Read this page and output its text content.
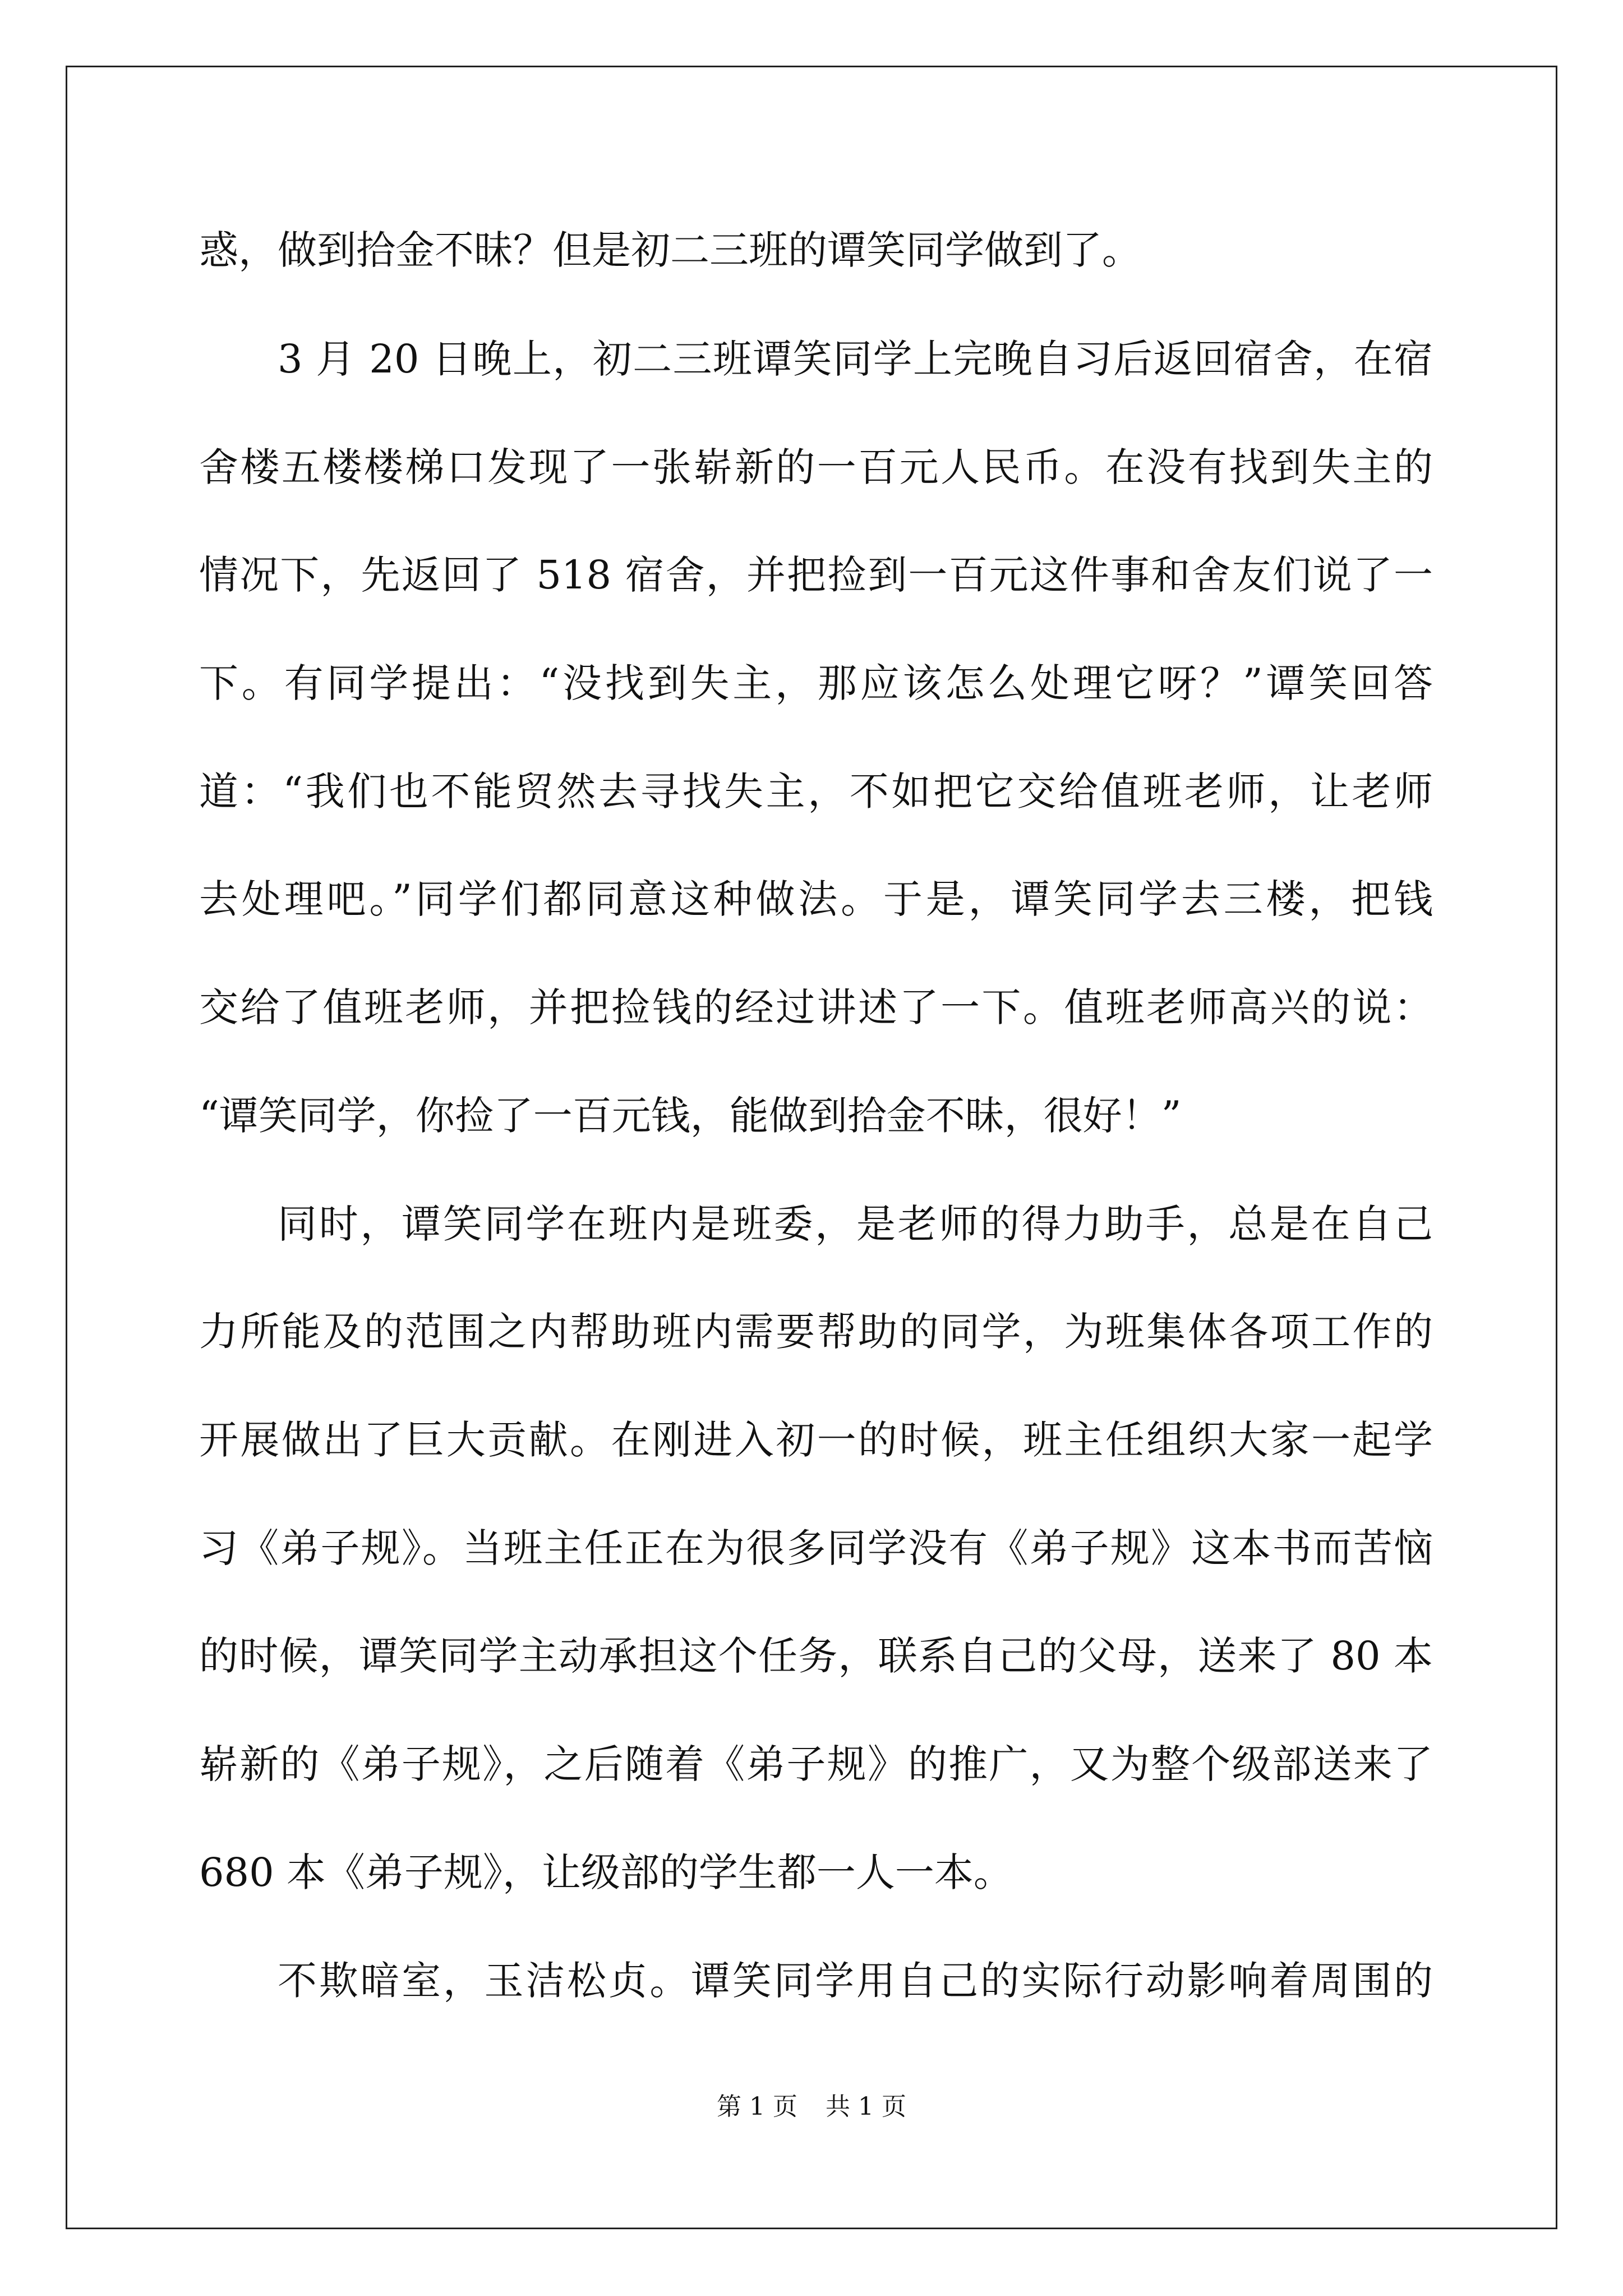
惑，做到拾金不昧？但是初二三班的谭笑同学做到了。
3 月 20 日晚上，初二三班谭笑同学上完晚自习后返回宿舍，在宿
舍楼五楼楼梯口发现了一张崭新的一百元人民币。在没有找到失主的
情况下，先返回了 518 宿舍，并把捡到一百元这件事和舍友们说了一
下。有同学提出：“没找到失主，那应该怎么处理它呀？”谭笑回答
道：“我们也不能贸然去寻找失主，不如把它交给值班老师，让老师
去处理吧。”同学们都同意这种做法。于是，谭笑同学去三楼，把钱
交给了值班老师，并把捡钱的经过讲述了一下。值班老师高兴的说：
“谭笑同学，你捡了一百元钱，能做到拾金不昧，很好！”
同时，谭笑同学在班内是班委，是老师的得力助手，总是在自己
力所能及的范围之内帮助班内需要帮助的同学，为班集体各项工作的
开展做出了巨大贡献。在刚进入初一的时候，班主任组织大家一起学
习《弟子规》。当班主任正在为很多同学没有《弟子规》这本书而苦恼
的时候，谭笑同学主动承担这个任务，联系自己的父母，送来了 80 本
崭新的《弟子规》，之后随着《弟子规》的推广，又为整个级部送来了
680 本《弟子规》，让级部的学生都一人一本。
不欺暗室，玉洁松贞。谭笑同学用自己的实际行动影响着周围的
第 1 页 共 1 页
